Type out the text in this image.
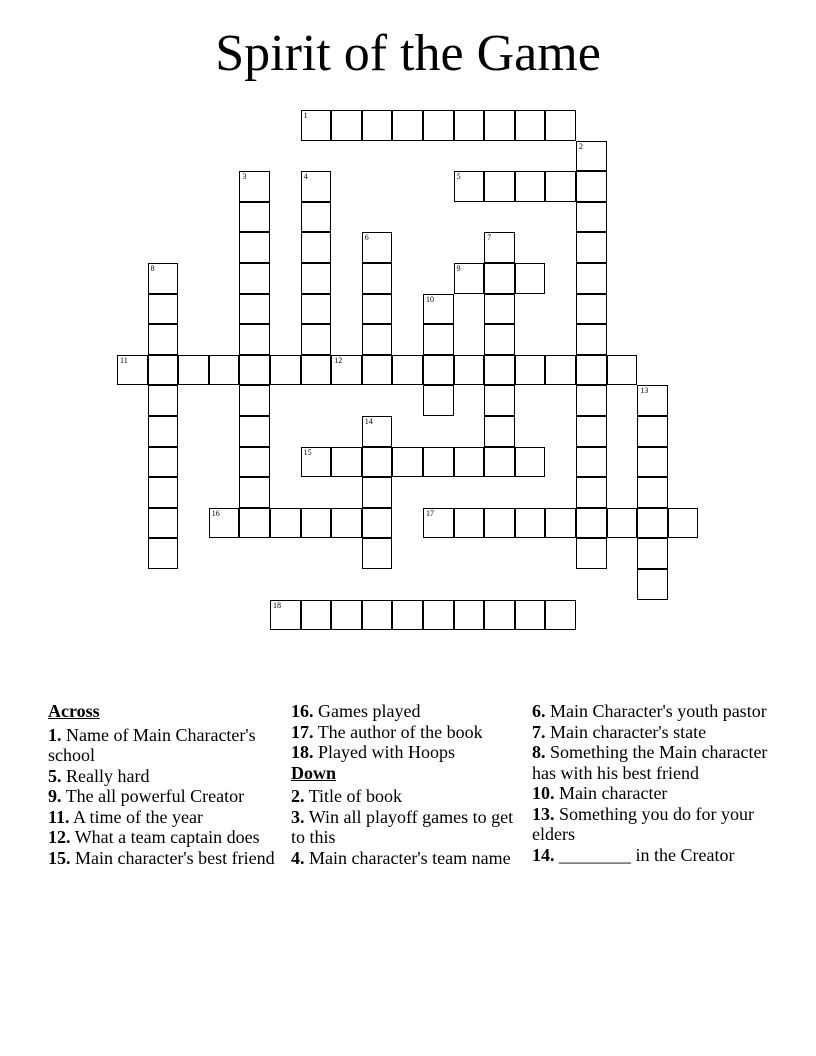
Spirit of the Game
1
2
3	4	5
6	7
8	9
10
11	12
13
14
15
16	17
18

Across

1. Name of Main Character's school

5. Really hard

9. The all powerful Creator

11. A time of the year

12. What a team captain does

15. Main character's best friend

16. Games played

17. The author of the book

18. Played with Hoops

Down

2. Title of book

3. Win all playoff games to get to this

4. Main character's team name

6. Main Character's youth pastor

7. Main character's state

8. Something the Main character has with his best friend

10. Main character

13. Something you do for your elders

14. ________ in the Creator
